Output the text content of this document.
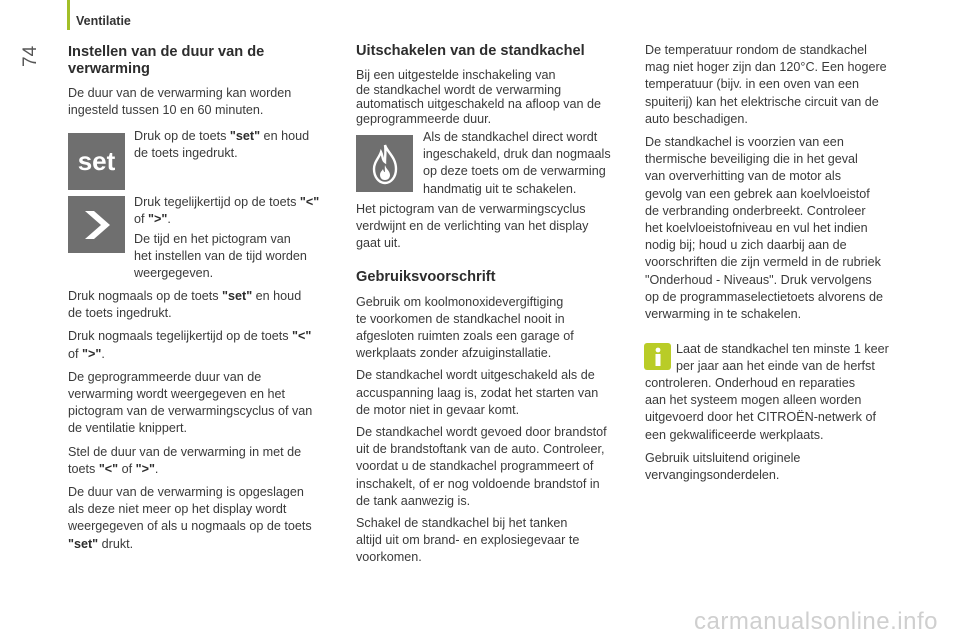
Ventilatie
74 Instellen van de duur van de
verwarming

De duur van de verwarming kan worden
ingesteld tussen 10 en 60 minuten.

set

Druk op de toets "set" en houd
de toets ingedrukt.

Druk tegelijkertijd op de toets "<"
of ">".

De tijd en het pictogram van
het instellen van de tijd worden
weergegeven.

Druk nogmaals op de toets "set" en houd
de toets ingedrukt.

Druk nogmaals tegelijkertijd op de toets "<"
of ">".

De geprogrammeerde duur van de
verwarming wordt weergegeven en het
pictogram van de verwarmingscyclus of van
de ventilatie knippert.

Stel de duur van de verwarming in met de
toets "<" of ">".

De duur van de verwarming is opgeslagen
als deze niet meer op het display wordt
weergegeven of als u nogmaals op de toets
"set" drukt.

Uitschakelen van de standkachel

Bij een uitgestelde inschakeling van
de standkachel wordt de verwarming
automatisch uitgeschakeld na afloop van de
geprogrammeerde duur.

Als de standkachel direct wordt
ingeschakeld, druk dan nogmaals
op deze toets om de verwarming
handmatig uit te schakelen.

Het pictogram van de verwarmingscyclus
verdwijnt en de verlichting van het display
gaat uit.

Gebruiksvoorschrift

Gebruik om koolmonoxidevergiftiging
te voorkomen de standkachel nooit in
afgesloten ruimten zoals een garage of
werkplaats zonder afzuiginstallatie.

De standkachel wordt uitgeschakeld als de
accuspanning laag is, zodat het starten van
de motor niet in gevaar komt.

De standkachel wordt gevoed door brandstof
uit de brandstoftank van de auto. Controleer,
voordat u de standkachel programmeert of
inschakelt, of er nog voldoende brandstof in
de tank aanwezig is.

Schakel de standkachel bij het tanken
altijd uit om brand- en explosiegevaar te
voorkomen.

De temperatuur rondom de standkachel
mag niet hoger zijn dan 120°C. Een hogere
temperatuur (bijv. in een oven van een
spuiterij) kan het elektrische circuit van de
auto beschadigen.

De standkachel is voorzien van een
thermische beveiliging die in het geval
van oververhitting van de motor als
gevolg van een gebrek aan koelvloeistof
de verbranding onderbreekt. Controleer
het koelvloeistofniveau en vul het indien
nodig bij; houd u zich daarbij aan de
voorschriften die zijn vermeld in de rubriek
"Onderhoud - Niveaus". Druk vervolgens
op de programmaselectietoets alvorens de
verwarming in te schakelen.

Laat de standkachel ten minste 1 keer
per jaar aan het einde van de herfst

controleren. Onderhoud en reparaties
aan het systeem mogen alleen worden
uitgevoerd door het CITROËN-netwerk of
een gekwalificeerde werkplaats.

Gebruik uitsluitend originele
vervangingsonderdelen.

carmanualsonline.info
